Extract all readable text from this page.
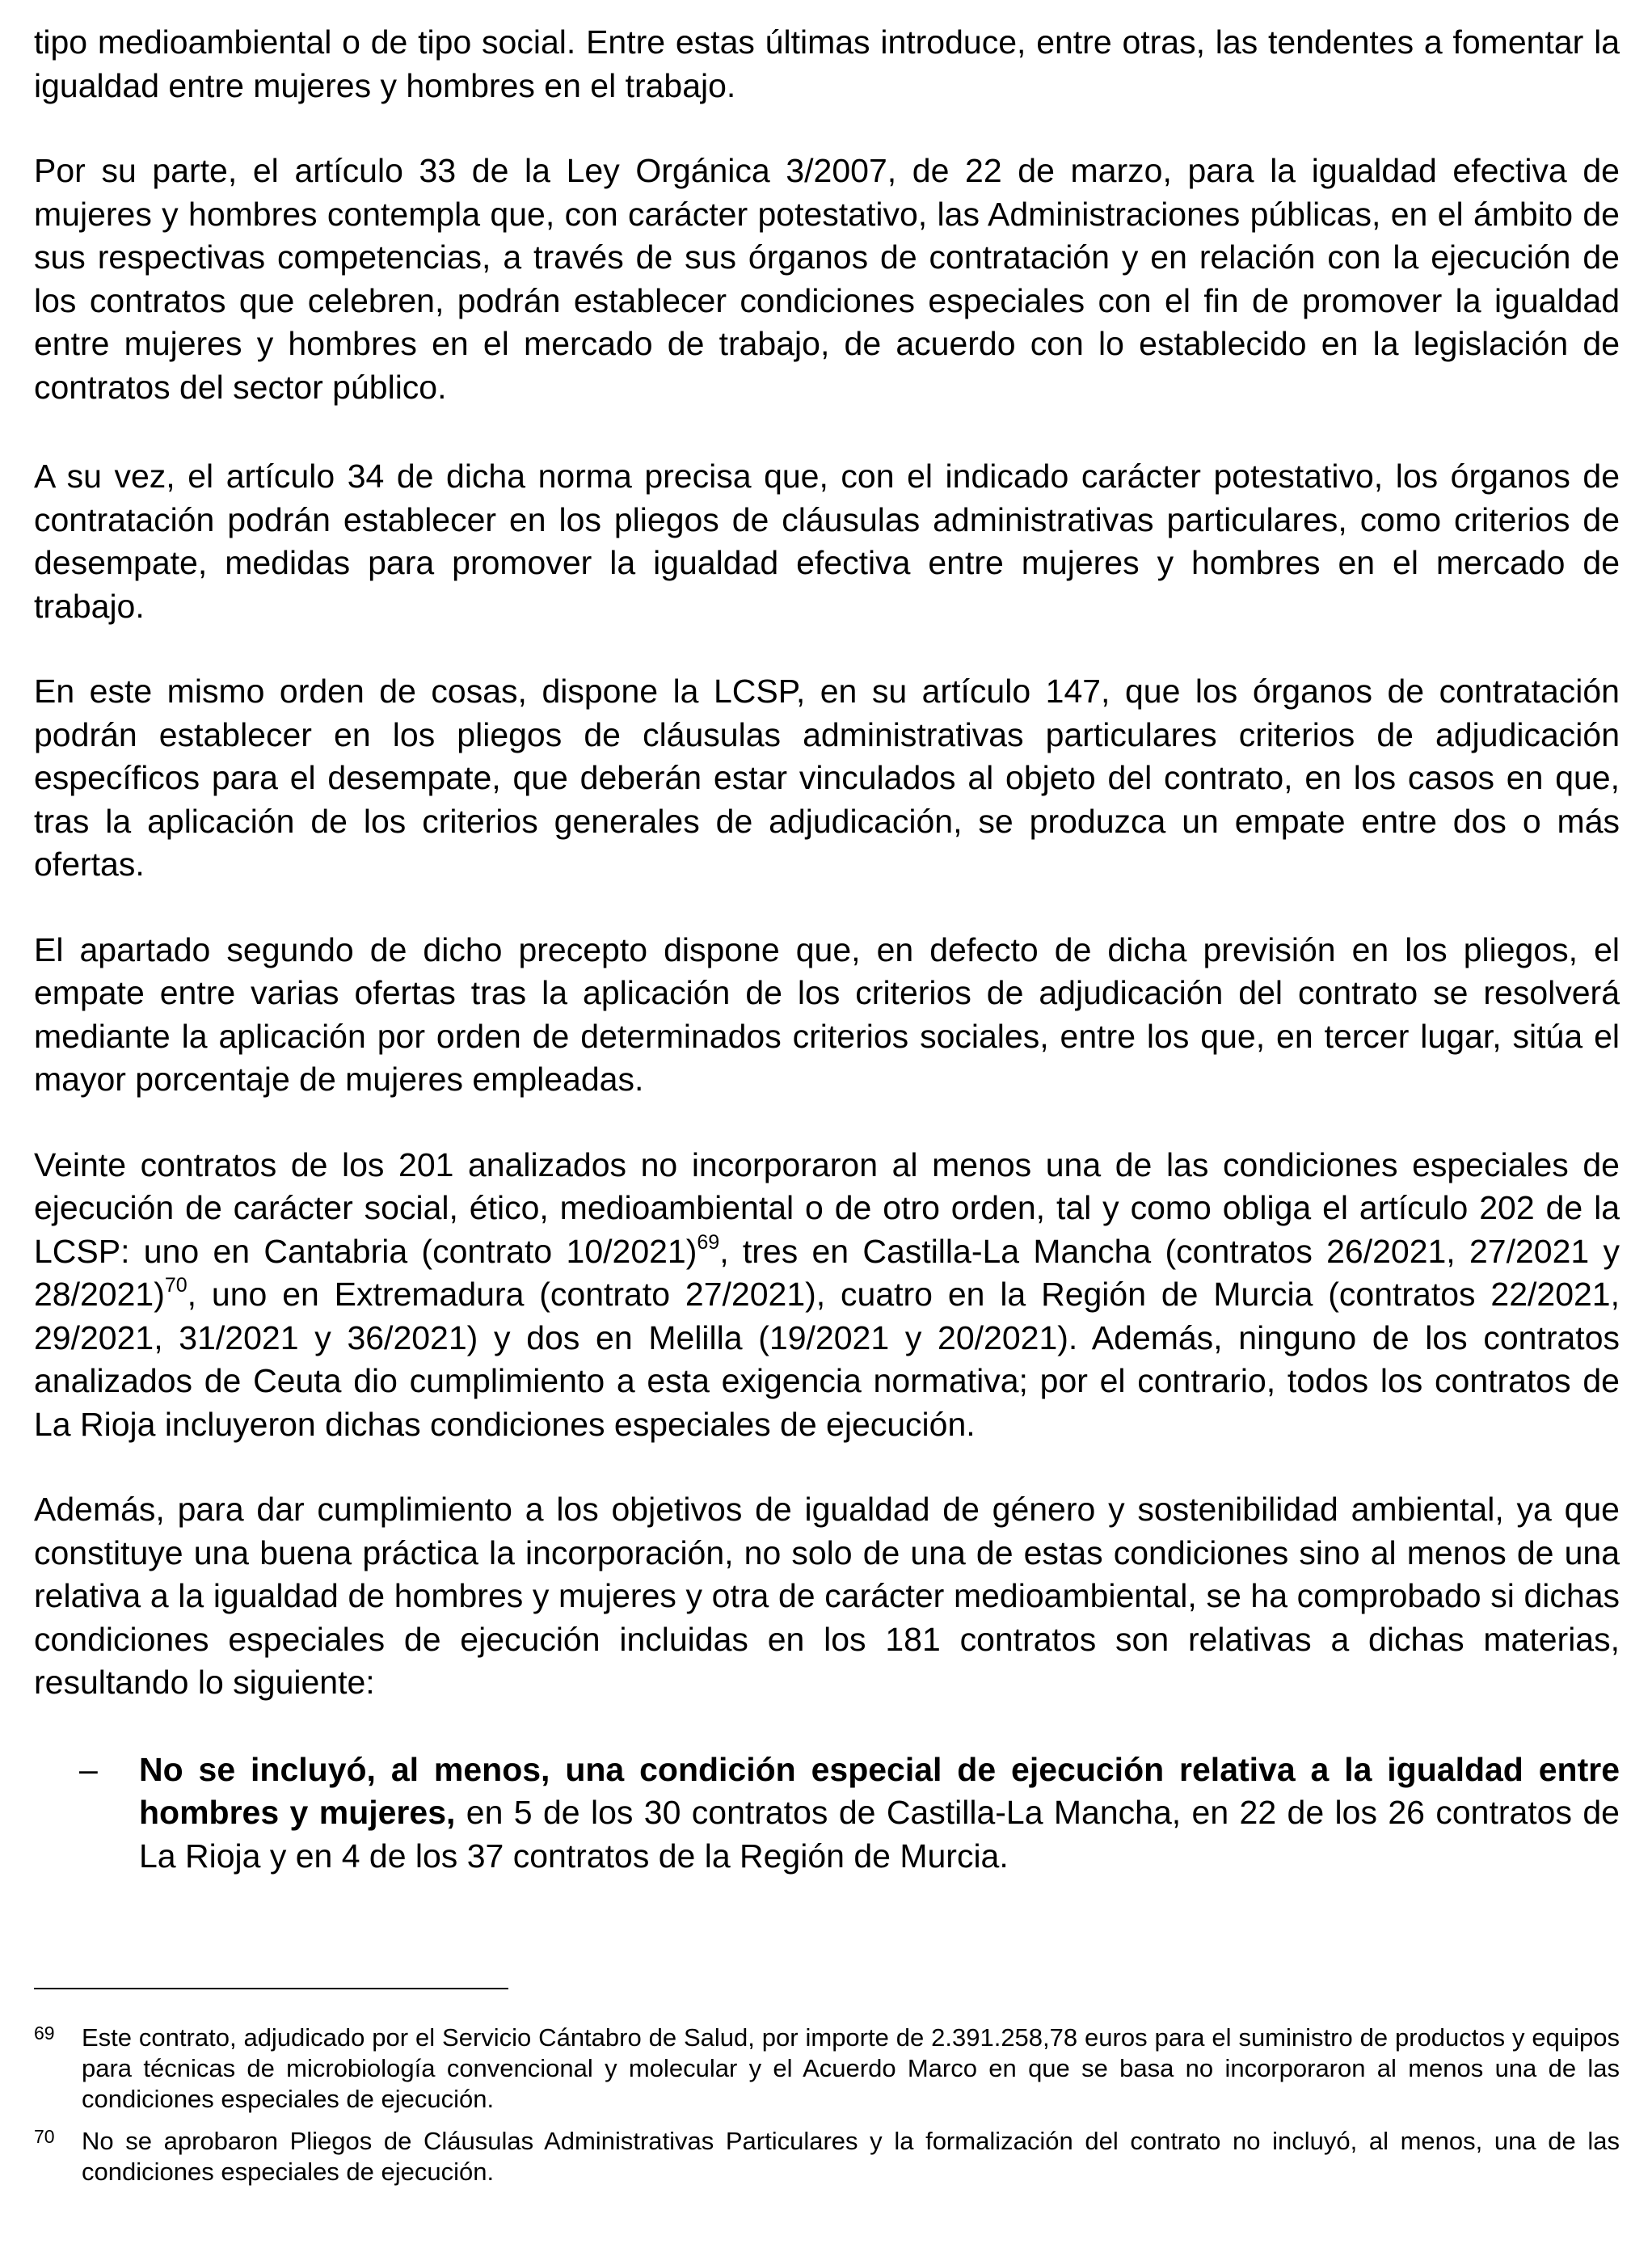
tipo medioambiental o de tipo social. Entre estas últimas introduce, entre otras, las tendentes a fomentar la igualdad entre mujeres y hombres en el trabajo.

Por su parte, el artículo 33 de la Ley Orgánica 3/2007, de 22 de marzo, para la igualdad efectiva de mujeres y hombres contempla que, con carácter potestativo, las Administraciones públicas, en el ámbito de sus respectivas competencias, a través de sus órganos de contratación y en relación con la ejecución de los contratos que celebren, podrán establecer condiciones especiales con el fin de promover la igualdad entre mujeres y hombres en el mercado de trabajo, de acuerdo con lo establecido en la legislación de contratos del sector público.

A su vez, el artículo 34 de dicha norma precisa que, con el indicado carácter potestativo, los órganos de contratación podrán establecer en los pliegos de cláusulas administrativas particulares, como criterios de desempate, medidas para promover la igualdad efectiva entre mujeres y hombres en el mercado de trabajo.

En este mismo orden de cosas, dispone la LCSP, en su artículo 147, que los órganos de contratación podrán establecer en los pliegos de cláusulas administrativas particulares criterios de adjudicación específicos para el desempate, que deberán estar vinculados al objeto del contrato, en los casos en que, tras la aplicación de los criterios generales de adjudicación, se produzca un empate entre dos o más ofertas.

El apartado segundo de dicho precepto dispone que, en defecto de dicha previsión en los pliegos, el empate entre varias ofertas tras la aplicación de los criterios de adjudicación del contrato se resolverá mediante la aplicación por orden de determinados criterios sociales, entre los que, en tercer lugar, sitúa el mayor porcentaje de mujeres empleadas.

Veinte contratos de los 201 analizados no incorporaron al menos una de las condiciones especiales de ejecución de carácter social, ético, medioambiental o de otro orden, tal y como obliga el artículo 202 de la LCSP: uno en Cantabria (contrato 10/2021)$^{69}$, tres en Castilla-La Mancha (contratos 26/2021, 27/2021 y 28/2021)$^{70}$, uno en Extremadura (contrato 27/2021), cuatro en la Región de Murcia (contratos 22/2021, 29/2021, 31/2021 y 36/2021) y dos en Melilla (19/2021 y 20/2021). Además, ninguno de los contratos analizados de Ceuta dio cumplimiento a esta exigencia normativa; por el contrario, todos los contratos de La Rioja incluyeron dichas condiciones especiales de ejecución.

Además, para dar cumplimiento a los objetivos de igualdad de género y sostenibilidad ambiental, ya que constituye una buena práctica la incorporación, no solo de una de estas condiciones sino al menos de una relativa a la igualdad de hombres y mujeres y otra de carácter medioambiental, se ha comprobado si dichas condiciones especiales de ejecución incluidas en los 181 contratos son relativas a dichas materias, resultando lo siguiente:

– No se incluyó, al menos, una condición especial de ejecución relativa a la igualdad entre hombres y mujeres, en 5 de los 30 contratos de Castilla-La Mancha, en 22 de los 26 contratos de La Rioja y en 4 de los 37 contratos de la Región de Murcia.

69 Este contrato, adjudicado por el Servicio Cántabro de Salud, por importe de 2.391.258,78 euros para el suministro de productos y equipos para técnicas de microbiología convencional y molecular y el Acuerdo Marco en que se basa no incorporaron al menos una de las condiciones especiales de ejecución.

70 No se aprobaron Pliegos de Cláusulas Administrativas Particulares y la formalización del contrato no incluyó, al menos, una de las condiciones especiales de ejecución.
